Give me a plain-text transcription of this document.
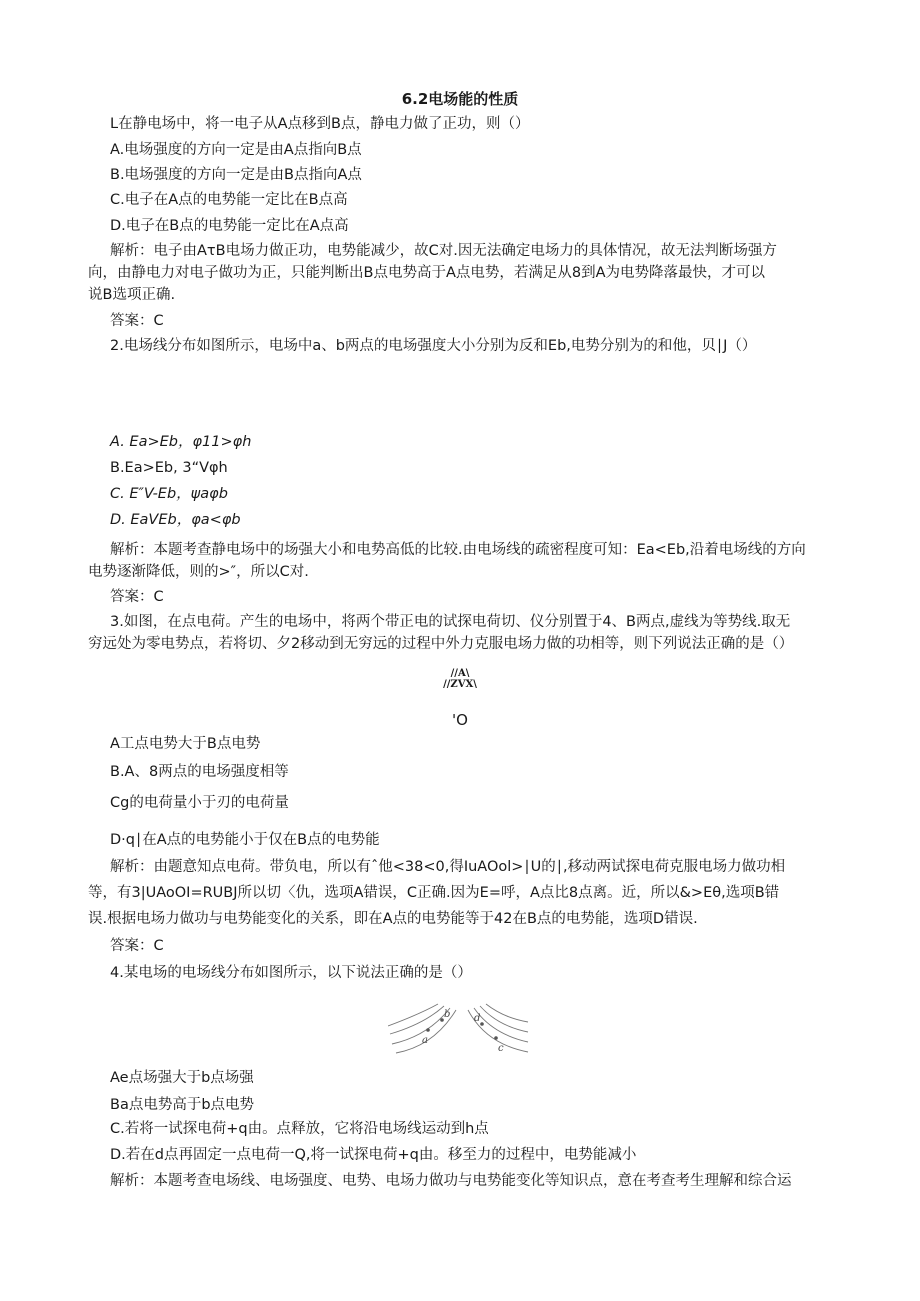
6.2电场能的性质
L在静电场中，将一电子从A点移到B点，静电力做了正功，则（）
A.电场强度的方向一定是由A点指向B点
B.电场强度的方向一定是由B点指向A点
C.电子在A点的电势能一定比在B点高
D.电子在B点的电势能一定比在A点高
解析：电子由AτB电场力做正功，电势能减少，故C对.因无法确定电场力的具体情况，故无法判断场强方
向，由静电力对电子做功为正，只能判断出B点电势高于A点电势，若满足从8到A为电势降落最快，才可以
说B选项正确.
答案：C
2.电场线分布如图所示，电场中a、b两点的电场强度大小分别为反和Eb,电势分别为的和他，贝∣J（）
A. Ea>Eb，φ11>φh
B.Ea>Eb, 3“Vφh
C. E″V-Eb，ψaφb
D. EaVEb，φa<φb
解析：本题考查静电场中的场强大小和电势高低的比较.由电场线的疏密程度可知：Ea<Eb,沿着电场线的方向
电势逐渐降低，则的>″，所以C对.
答案：C
3.如图，在点电荷。产生的电场中，将两个带正电的试探电荷切、仪分别置于4、B两点,虚线为等势线.取无
穷远处为零电势点，若将切、夕2移动到无穷远的过程中外力克服电场力做的功相等，则下列说法正确的是（）
//A\
//ZVX\
'O
A工点电势大于B点电势
B.A、8两点的电场强度相等
Cg的电荷量小于刃的电荷量
D·q∣在A点的电势能小于仅在B点的电势能
解析：由题意知点电荷。带负电，所以有ˆ他<38<0,得IuAOol>∣U的∣,移动两试探电荷克服电场力做功相
等，有3|UAoOI=RUBJ所以切〈仇，选项A错误，C正确.因为E=呼，A点比8点离。近，所以&>Eθ,选项B错
误.根据电场力做功与电势能变化的关系，即在A点的电势能等于42在B点的电势能，选项D错误.
答案：C
4.某电场的电场线分布如图所示，以下说法正确的是（）
a
b d
c
Ae点场强大于b点场强
Ba点电势高于b点电势
C.若将一试探电荷+q由。点释放，它将沿电场线运动到h点
D.若在d点再固定一点电荷一Q,将一试探电荷+q由。移至力的过程中，电势能减小
解析：本题考查电场线、电场强度、电势、电场力做功与电势能变化等知识点，意在考查考生理解和综合运
